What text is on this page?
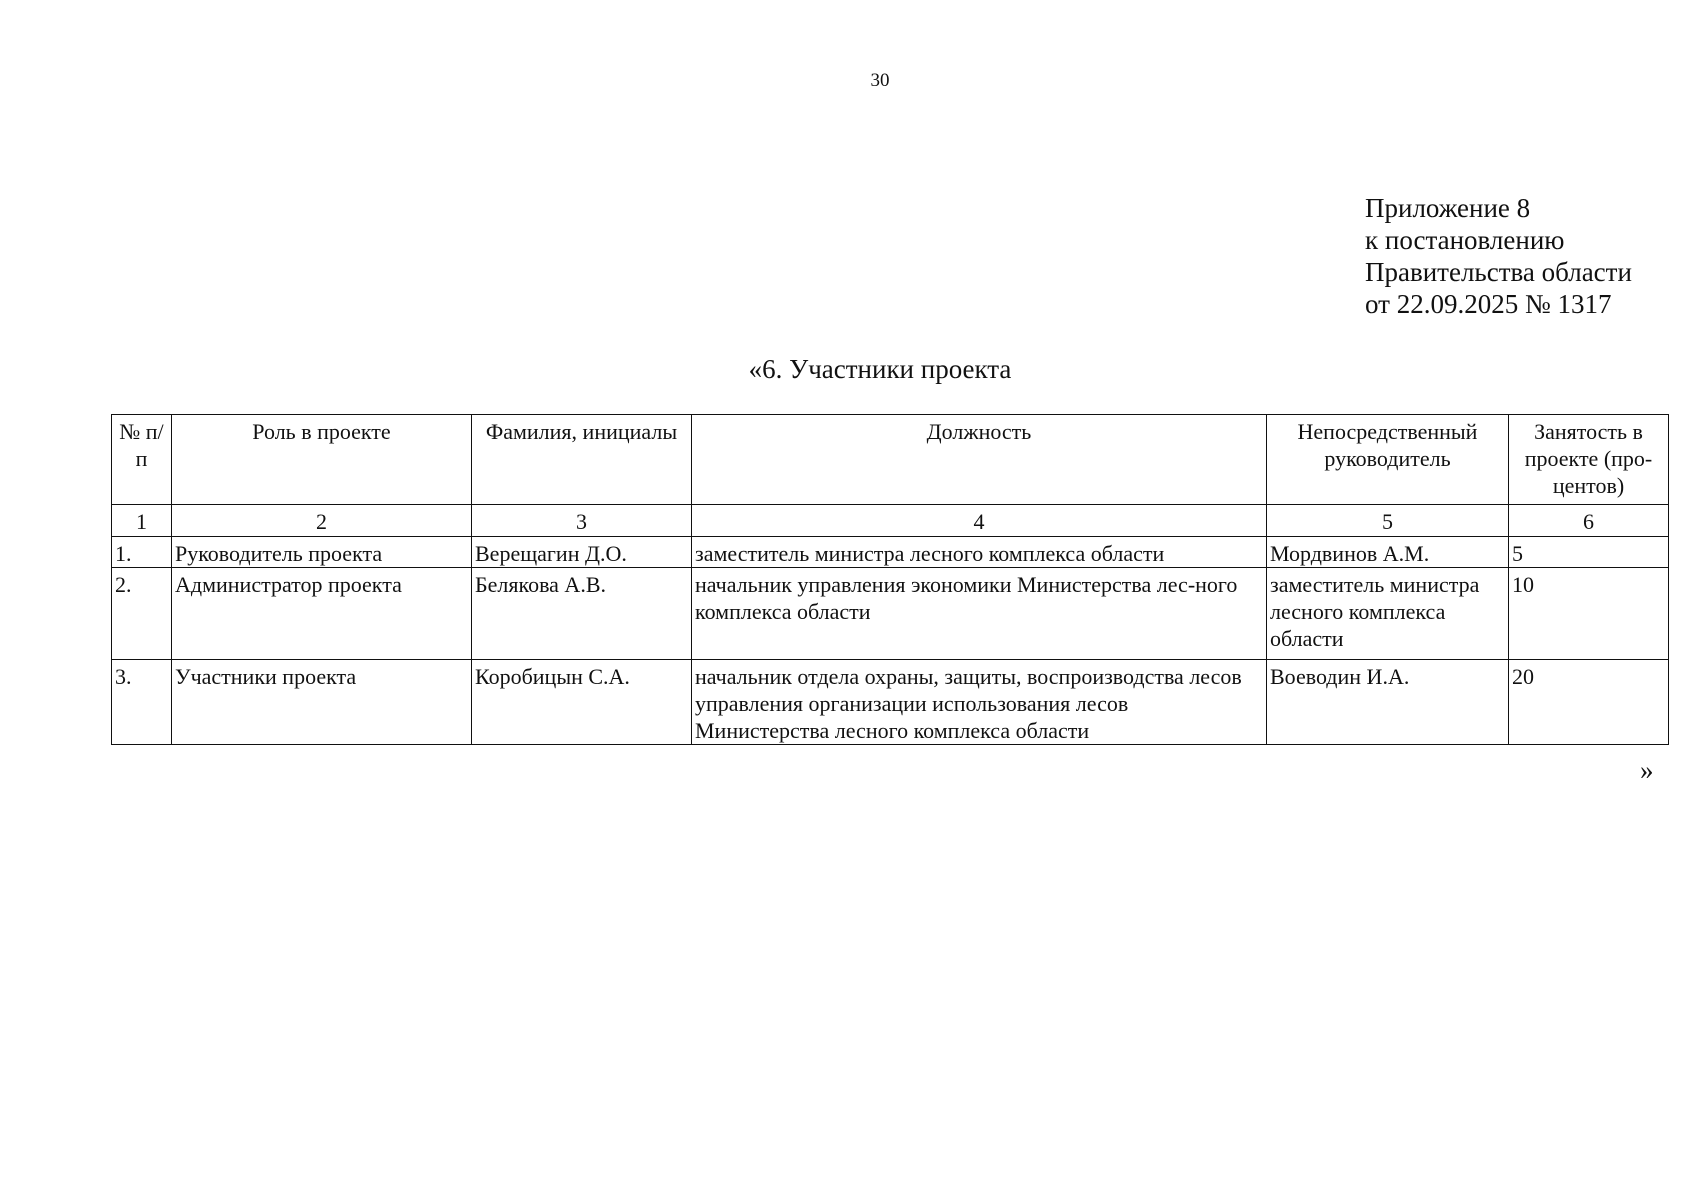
30
Приложение 8
к постановлению
Правительства области
от 22.09.2025 № 1317
«6. Участники проекта
№ п/п	Роль в проекте	Фамилия, инициалы	Должность	Непосредственный руководитель	Занятость в проекте (про-центов)
1	2	3	4	5	6
1.	Руководитель проекта	Верещагин Д.О.	заместитель министра лесного комплекса области	Мордвинов А.М.	5
2.	Администратор проекта	Белякова А.В.	начальник управления экономики Министерства лес-ного комплекса области	заместитель министра лесного комплекса области	10
3.	Участники проекта	Коробицын С.А.	начальник отдела охраны, защиты, воспроизводства лесов управления организации использования лесов Министерства лесного комплекса области	Воеводин И.А.	20
»
